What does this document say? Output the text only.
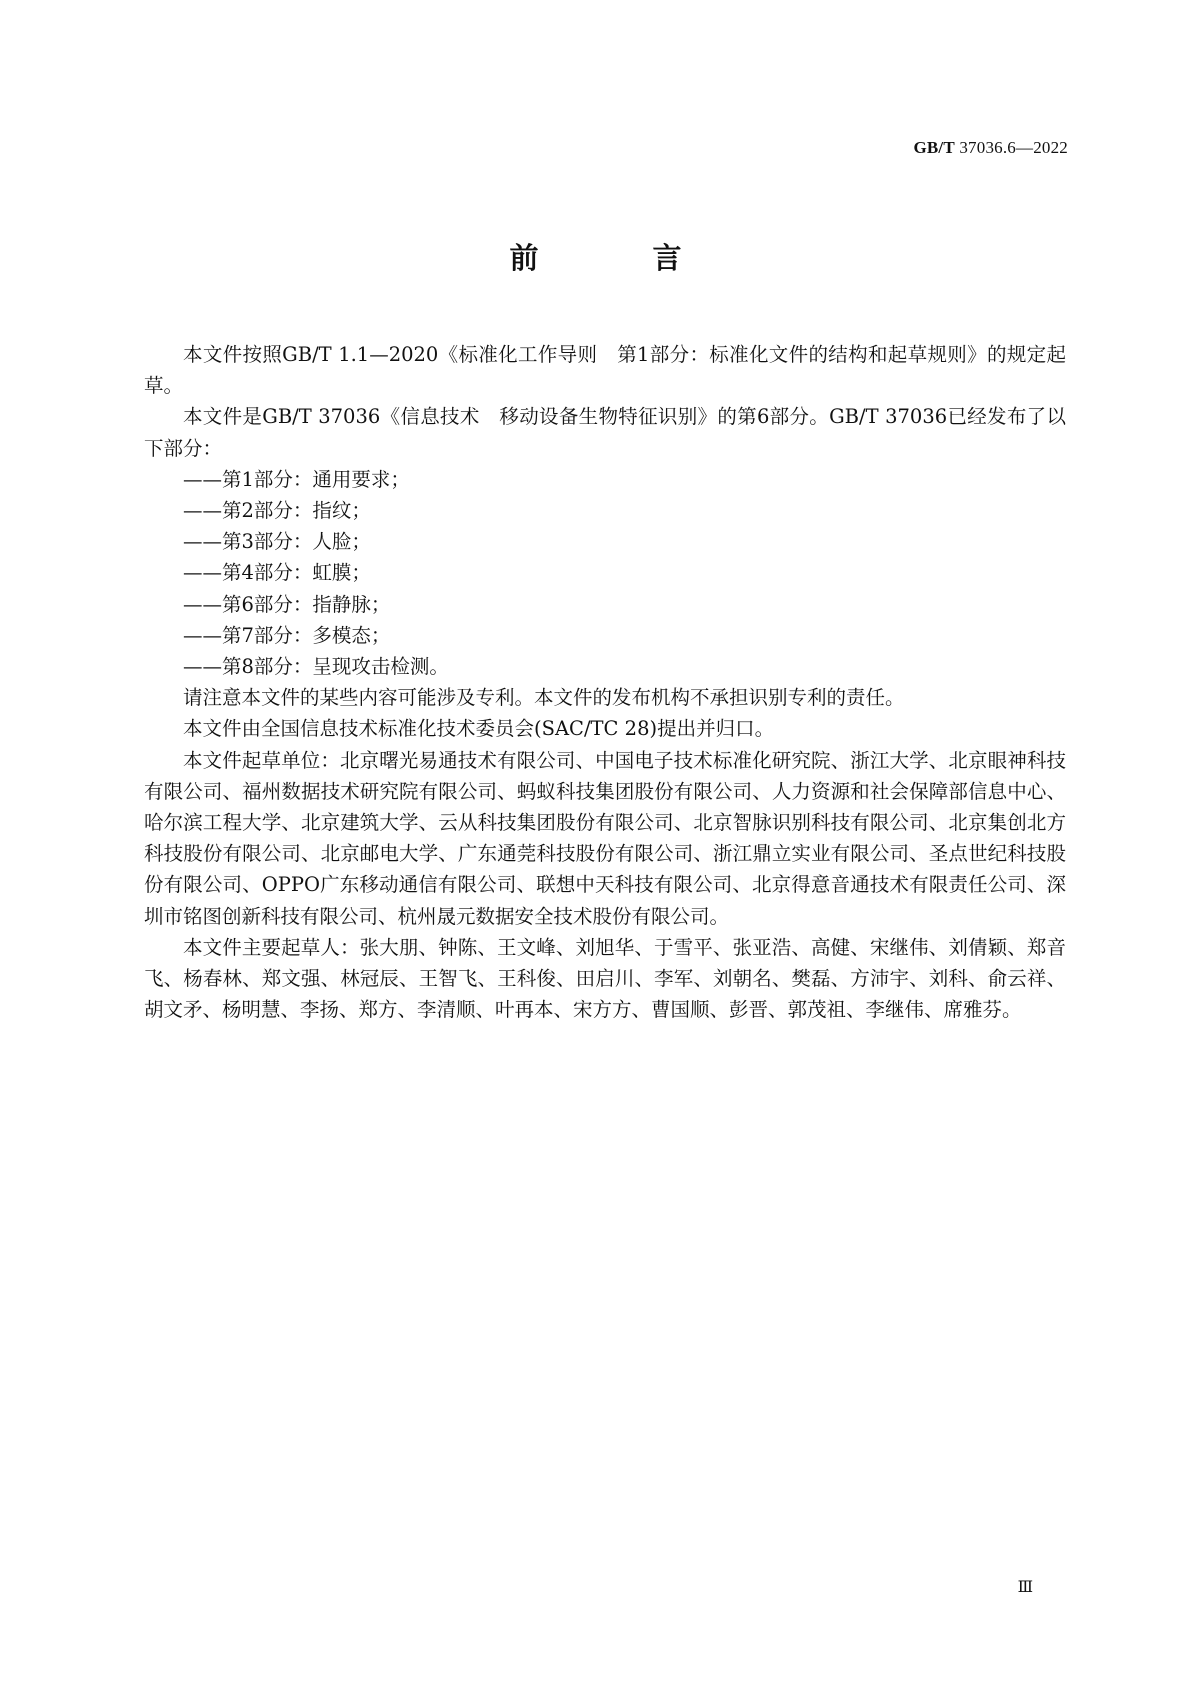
GB/T 37036.6—2022
前 言

本文件按照GB/T 1.1—2020《标准化工作导则　第1部分：标准化文件的结构和起草规则》的规定起草。

本文件是GB/T 37036《信息技术　移动设备生物特征识别》的第6部分。GB/T 37036已经发布了以下部分：

——第1部分：通用要求；

——第2部分：指纹；

——第3部分：人脸；

——第4部分：虹膜；

——第6部分：指静脉；

——第7部分：多模态；

——第8部分：呈现攻击检测。

请注意本文件的某些内容可能涉及专利。本文件的发布机构不承担识别专利的责任。

本文件由全国信息技术标准化技术委员会(SAC/TC 28)提出并归口。

本文件起草单位：北京曙光易通技术有限公司、中国电子技术标准化研究院、浙江大学、北京眼神科技有限公司、福州数据技术研究院有限公司、蚂蚁科技集团股份有限公司、人力资源和社会保障部信息中心、哈尔滨工程大学、北京建筑大学、云从科技集团股份有限公司、北京智脉识别科技有限公司、北京集创北方科技股份有限公司、北京邮电大学、广东通莞科技股份有限公司、浙江鼎立实业有限公司、圣点世纪科技股份有限公司、OPPO广东移动通信有限公司、联想中天科技有限公司、北京得意音通技术有限责任公司、深圳市铭图创新科技有限公司、杭州晟元数据安全技术股份有限公司。

本文件主要起草人：张大朋、钟陈、王文峰、刘旭华、于雪平、张亚浩、高健、宋继伟、刘倩颖、郑音飞、杨春林、郑文强、林冠辰、王智飞、王科俊、田启川、李军、刘朝名、樊磊、方沛宇、刘科、俞云祥、胡文矛、杨明慧、李扬、郑方、李清顺、叶再本、宋方方、曹国顺、彭晋、郭茂祖、李继伟、席雅芬。

Ⅲ
